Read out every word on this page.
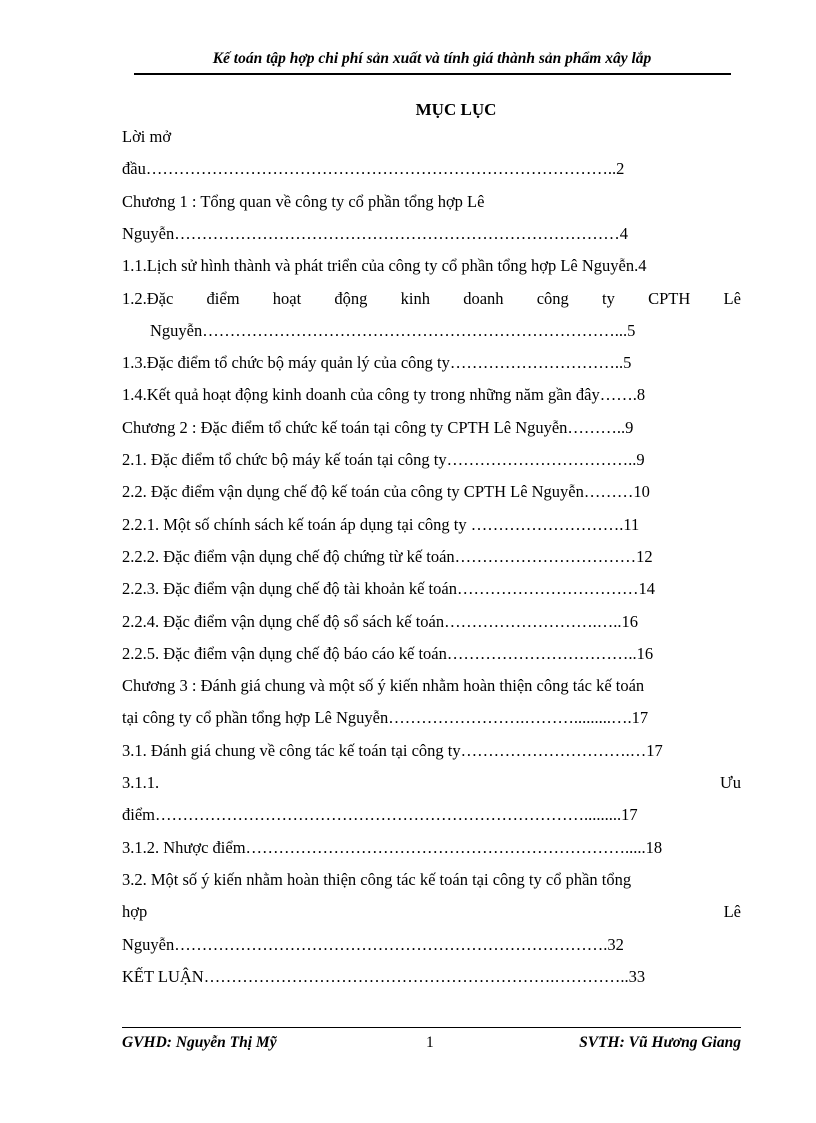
Kế toán tập hợp chi phí sản xuất và tính giá thành sản phẩm xây lắp
MỤC LỤC
Lời mở
đầu…………………………………………………………………………..2
Chương 1 : Tổng quan về công ty cổ phần tổng hợp Lê
Nguyễn………………………………………………………………………4
1.1.Lịch sử hình thành và phát triển của công ty cổ phần tổng hợp Lê Nguyễn.4
1.2.Đặc điểm hoạt động kinh doanh công ty CPTH Lê
Nguyễn…………………………………………………………………...5
1.3.Đặc điểm tổ chức bộ máy quản lý của công ty…………………………..5
1.4.Kết quả hoạt động kinh doanh của công ty trong những năm gần đây…….8
Chương 2 : Đặc điểm tổ chức kế toán tại công ty CPTH Lê Nguyễn………..9
2.1. Đặc điểm tổ chức bộ máy kế toán tại công ty……………………………..9
2.2. Đặc điểm vận dụng chế độ kế toán của công ty CPTH Lê Nguyễn………10
2.2.1. Một số chính sách kế toán áp dụng tại công ty ……………………….11
2.2.2. Đặc điểm vận dụng chế độ chứng từ kế toán……………………………12
2.2.3. Đặc điểm vận dụng chế độ tài khoản kế toán……………………………14
2.2.4. Đặc điểm vận dụng chế độ sổ sách kế toán……………………….…..16
2.2.5. Đặc điểm vận dụng chế độ báo cáo kế toán……………………………..16
Chương 3 : Đánh giá chung và một số ý kiến nhằm hoàn thiện công tác kế toán
tại công ty cổ phần tổng hợp Lê Nguyễn…………………….……….........….17
3.1. Đánh giá chung về công tác kế toán tại công ty………………………….…17
3.1.1.	Ưu
điểm…………………………………………………………………….........17
3.1.2. Nhược điểm…………………………………………………………….....18
3.2. Một số ý kiến nhằm hoàn thiện công tác kế toán tại công ty cổ phần tổng
hợp	Lê
Nguyễn…………………………………………………………………….32
KẾT LUẬN……………………………………………………….…………..33
GVHD: Nguyễn Thị Mỹ	1	SVTH: Vũ Hương Giang
